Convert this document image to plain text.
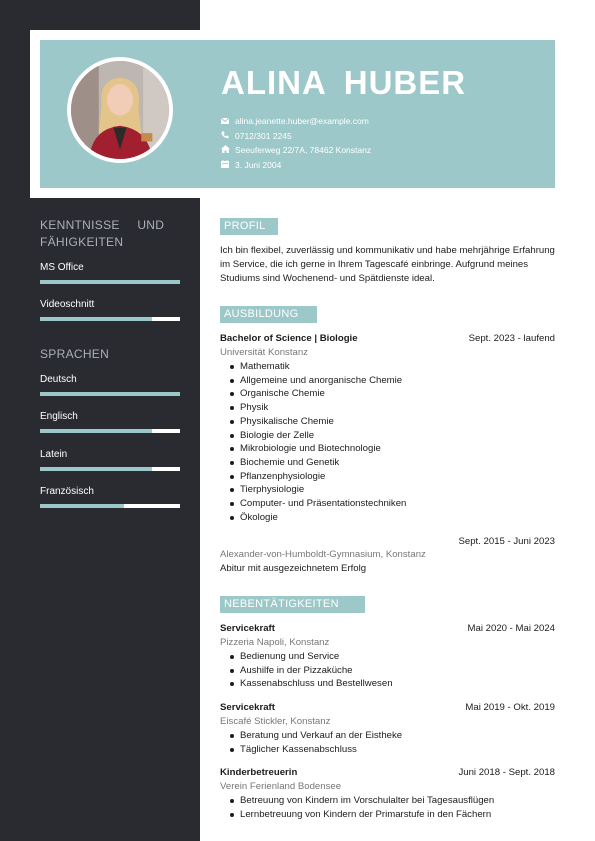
ALINA HUBER
alina.jeanette.huber@example.com
0712/301 2245
Seeuferweg 22/7A, 78462 Konstanz
3. Juni 2004
KENNTNISSE UND FÄHIGKEITEN
MS Office
Videoschnitt
SPRACHEN
Deutsch
Englisch
Latein
Französisch
PROFIL
Ich bin flexibel, zuverlässig und kommunikativ und habe mehrjährige Erfahrung im Service, die ich gerne in Ihrem Tagescafé einbringe. Aufgrund meines Studiums sind Wochenend- und Spätdienste ideal.
AUSBILDUNG
Bachelor of Science | Biologie	Sept. 2023 - laufend
Universität Konstanz
Mathematik
Allgemeine und anorganische Chemie
Organische Chemie
Physik
Physikalische Chemie
Biologie der Zelle
Mikrobiologie und Biotechnologie
Biochemie und Genetik
Pflanzenphysiologie
Tierphysiologie
Computer- und Präsentationstechniken
Ökologie
Sept. 2015 - Juni 2023
Alexander-von-Humboldt-Gymnasium, Konstanz
Abitur mit ausgezeichnetem Erfolg
NEBENTÄTIGKEITEN
Servicekraft	Mai 2020 - Mai 2024
Pizzeria Napoli, Konstanz
Bedienung und Service
Aushilfe in der Pizzaküche
Kassenabschluss und Bestellwesen
Servicekraft	Mai 2019 - Okt. 2019
Eiscafé Stickler, Konstanz
Beratung und Verkauf an der Eistheke
Täglicher Kassenabschluss
Kinderbetreuerin	Juni 2018 - Sept. 2018
Verein Ferienland Bodensee
Betreuung von Kindern im Vorschulalter bei Tagesausflügen
Lernbetreuung von Kindern der Primarstufe in den Fächern
